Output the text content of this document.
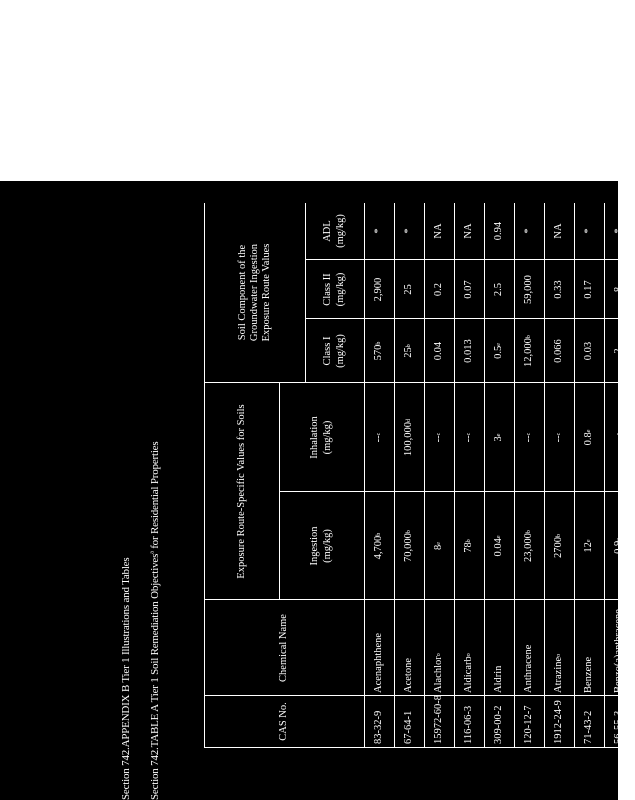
Section 742.APPENDIX B Tier 1 Illustrations and Tables Section 742.TABLE A Tier 1 Soil Remediation Objectives$^a$ for Residential Properties	Exposure Route-Specific Values for Soils
Soil Component of the Groundwater Ingestion Exposure Route Values
CAS No.
Chemical Name
Ingestion (mg/kg)
Inhalation (mg/kg)
Class I (mg/kg)
Class II (mg/kg)
ADL (mg/kg)
83-32-9
Acenaphthene
4,700
b
--
c
570
b
2,900
*
67-64-1
Acetone
70,000
b
100,000
d
25
b
25
*
15972-60-8
Alachlor
o
8
e
--
c
0.04
0.2
NA
116-06-3
Aldicarb
o
78
b
--
c
0.013
0.07
NA
309-00-2
Aldrin
0.04
e
3
e
0.5
e
2.5
0.94
120-12-7
Anthracene
23,000
b
--
c
12,000
b
59,000
*
1912-24-9
Atrazine
o
2700
b
--
c
0.066
0.33
NA
71-43-2
Benzene
12
e
0.8
e
0.03
0.17
*
56-55-3
Benzo(a)anthracene
0.9
e
--
c
2
8
*
